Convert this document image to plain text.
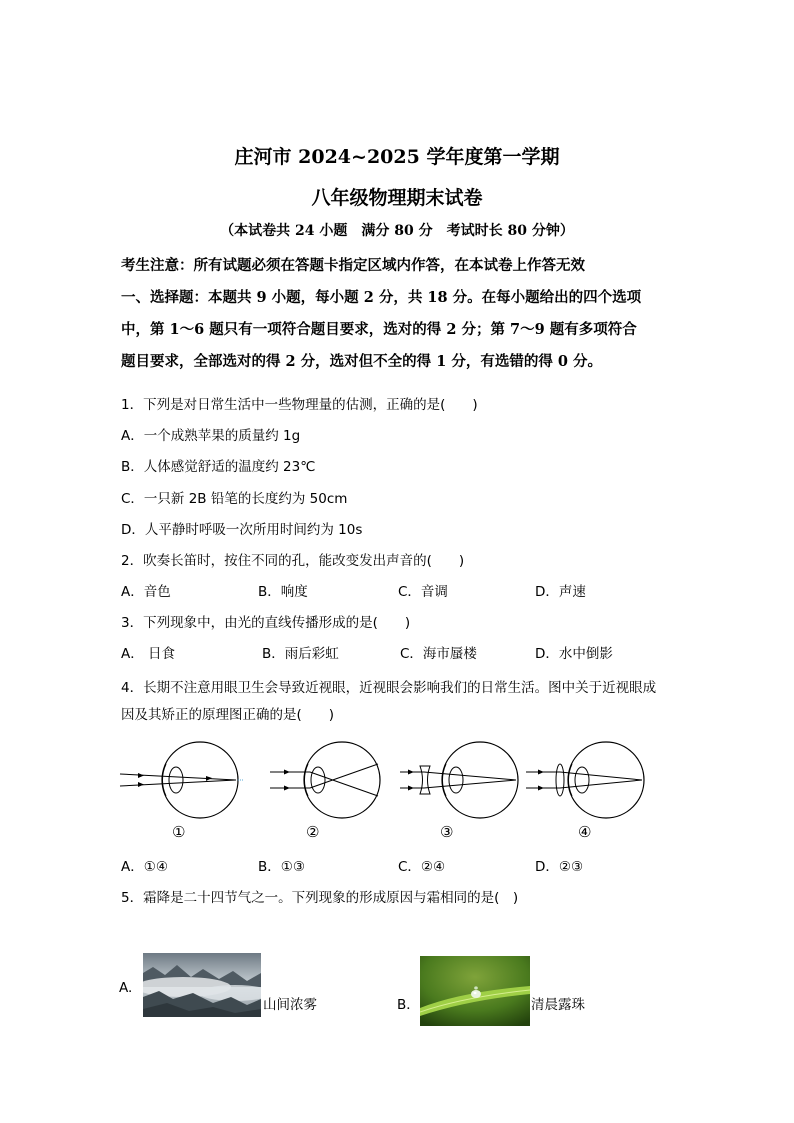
庄河市 2024~2025 学年度第一学期
八年级物理期末试卷
（本试卷共 24 小题　满分 80 分　考试时长 80 分钟）
考生注意：所有试题必须在答题卡指定区域内作答，在本试卷上作答无效
一、选择题：本题共 9 小题，每小题 2 分，共 18 分。在每小题给出的四个选项
中，第 1～6 题只有一项符合题目要求，选对的得 2 分；第 7～9 题有多项符合
题目要求，全部选对的得 2 分，选对但不全的得 1 分，有选错的得 0 分。
1．下列是对日常生活中一些物理量的估测，正确的是(　　)
A．一个成熟苹果的质量约 1g
B．人体感觉舒适的温度约 23℃
C．一只新 2B 铅笔的长度约为 50cm
D．人平静时呼吸一次所用时间约为 10s
2．吹奏长笛时，按住不同的孔，能改变发出声音的(　　)
A．音色	B．响度	C．音调	D．声速
3．下列现象中，由光的直线传播形成的是(　　)
A． 日食	B．雨后彩虹	C．海市蜃楼	D．水中倒影
4．长期不注意用眼卫生会导致近视眼，近视眼会影响我们的日常生活。图中关于近视眼成
因及其矫正的原理图正确的是(　　)
①	②	③	④
A．①④	B．①③	C．②④	D．②③
5．霜降是二十四节气之一。下列现象的形成原因与霜相同的是(　)
A.
山间浓雾	B．	清晨露珠
